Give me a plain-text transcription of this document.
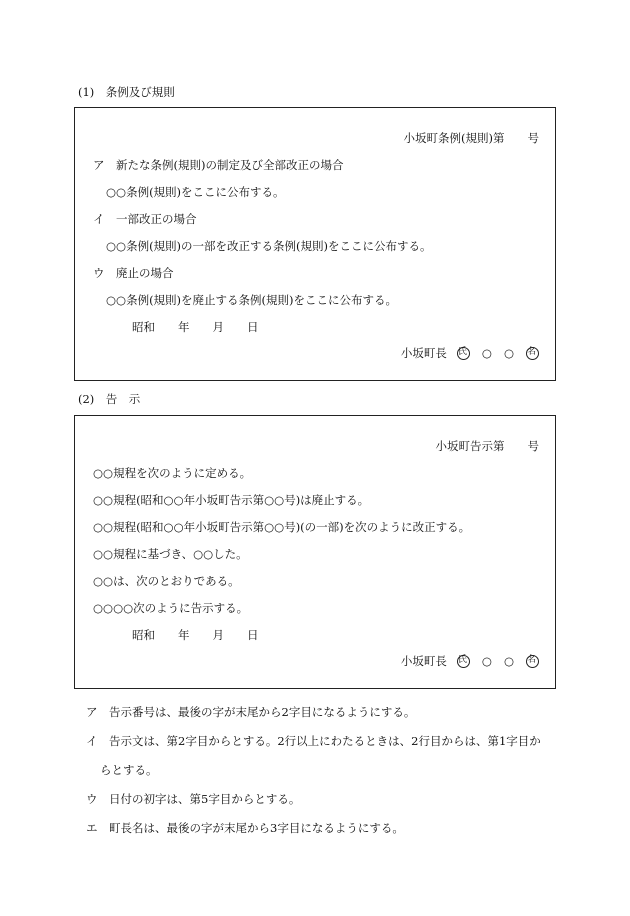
(1)　条例及び規則
小坂町条例(規則)第　　号
ア　新たな条例(規則)の制定及び全部改正の場合
○○条例(規則)をここに公布する。
イ　一部改正の場合
○○条例(規則)の一部を改正する条例(規則)をここに公布する。
ウ　廃止の場合
○○条例(規則)を廃止する条例(規則)をここに公布する。
昭和　　年　　月　　日
小坂町長 氏 ○ ○ 名
(2)　告　示
小坂町告示第　　号
○○規程を次のように定める。
○○規程(昭和○○年小坂町告示第○○号)は廃止する。
○○規程(昭和○○年小坂町告示第○○号)(の一部)を次のように改正する。
○○規程に基づき、○○した。
○○は、次のとおりである。
○○○○次のように告示する。
昭和　　年　　月　　日
小坂町長 氏 ○ ○ 名
ア　告示番号は、最後の字が末尾から2字目になるようにする。
イ　告示文は、第2字目からとする。2行以上にわたるときは、2行目からは、第1字目か
らとする。
ウ　日付の初字は、第5字目からとする。
エ　町長名は、最後の字が末尾から3字目になるようにする。
